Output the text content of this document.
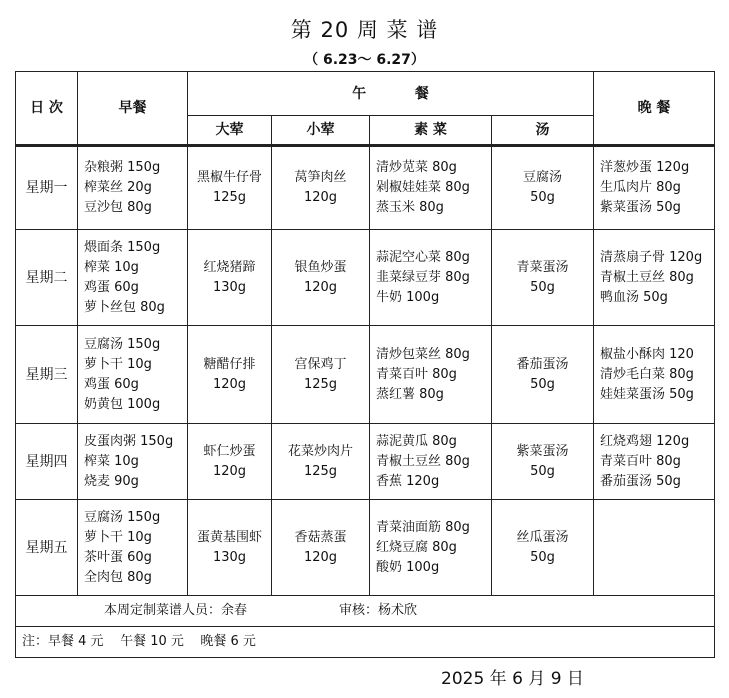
第 20 周 菜 谱
（ 6.23～ 6.27）
日 次	早餐	午          餐				晚 餐
		大荤	小荤	素 菜	汤	
星期一	杂粮粥 150g
榨菜丝 20g
豆沙包 80g	黑椒牛仔骨
125g	莴笋肉丝
120g	清炒苋菜 80g
剁椒娃娃菜 80g
蒸玉米 80g	豆腐汤
50g	洋葱炒蛋 120g
生瓜肉片 80g
紫菜蛋汤 50g

星期二	煨面条 150g
榨菜 10g
鸡蛋 60g
萝卜丝包 80g	红烧猪蹄
130g	银鱼炒蛋
120g	蒜泥空心菜 80g
韭菜绿豆芽 80g
牛奶 100g	青菜蛋汤
50g	清蒸扇子骨 120g
青椒土豆丝 80g
鸭血汤 50g

星期三	豆腐汤 150g
萝卜干 10g
鸡蛋 60g
奶黄包 100g	糖醋仔排
120g	宫保鸡丁
125g	清炒包菜丝 80g
青菜百叶 80g
蒸红薯 80g	番茄蛋汤
50g	椒盐小酥肉 120
清炒毛白菜 80g
娃娃菜蛋汤 50g

星期四	皮蛋肉粥 150g
榨菜 10g
烧麦 90g	虾仁炒蛋
120g	花菜炒肉片
125g	蒜泥黄瓜 80g
青椒土豆丝 80g
香蕉 120g	紫菜蛋汤
50g	红烧鸡翅 120g
青菜百叶 80g
番茄蛋汤 50g

星期五	豆腐汤 150g
萝卜干 10g
茶叶蛋 60g
全肉包 80g	蛋黄基围虾
130g	香菇蒸蛋
120g	青菜油面筋 80g
红烧豆腐 80g
酸奶 100g	丝瓜蛋汤
50g	

本周定制菜谱人员：余春 审核：杨术欣						
注：早餐 4 元    午餐 10 元    晚餐 6 元						
2025 年 6 月 9 日
